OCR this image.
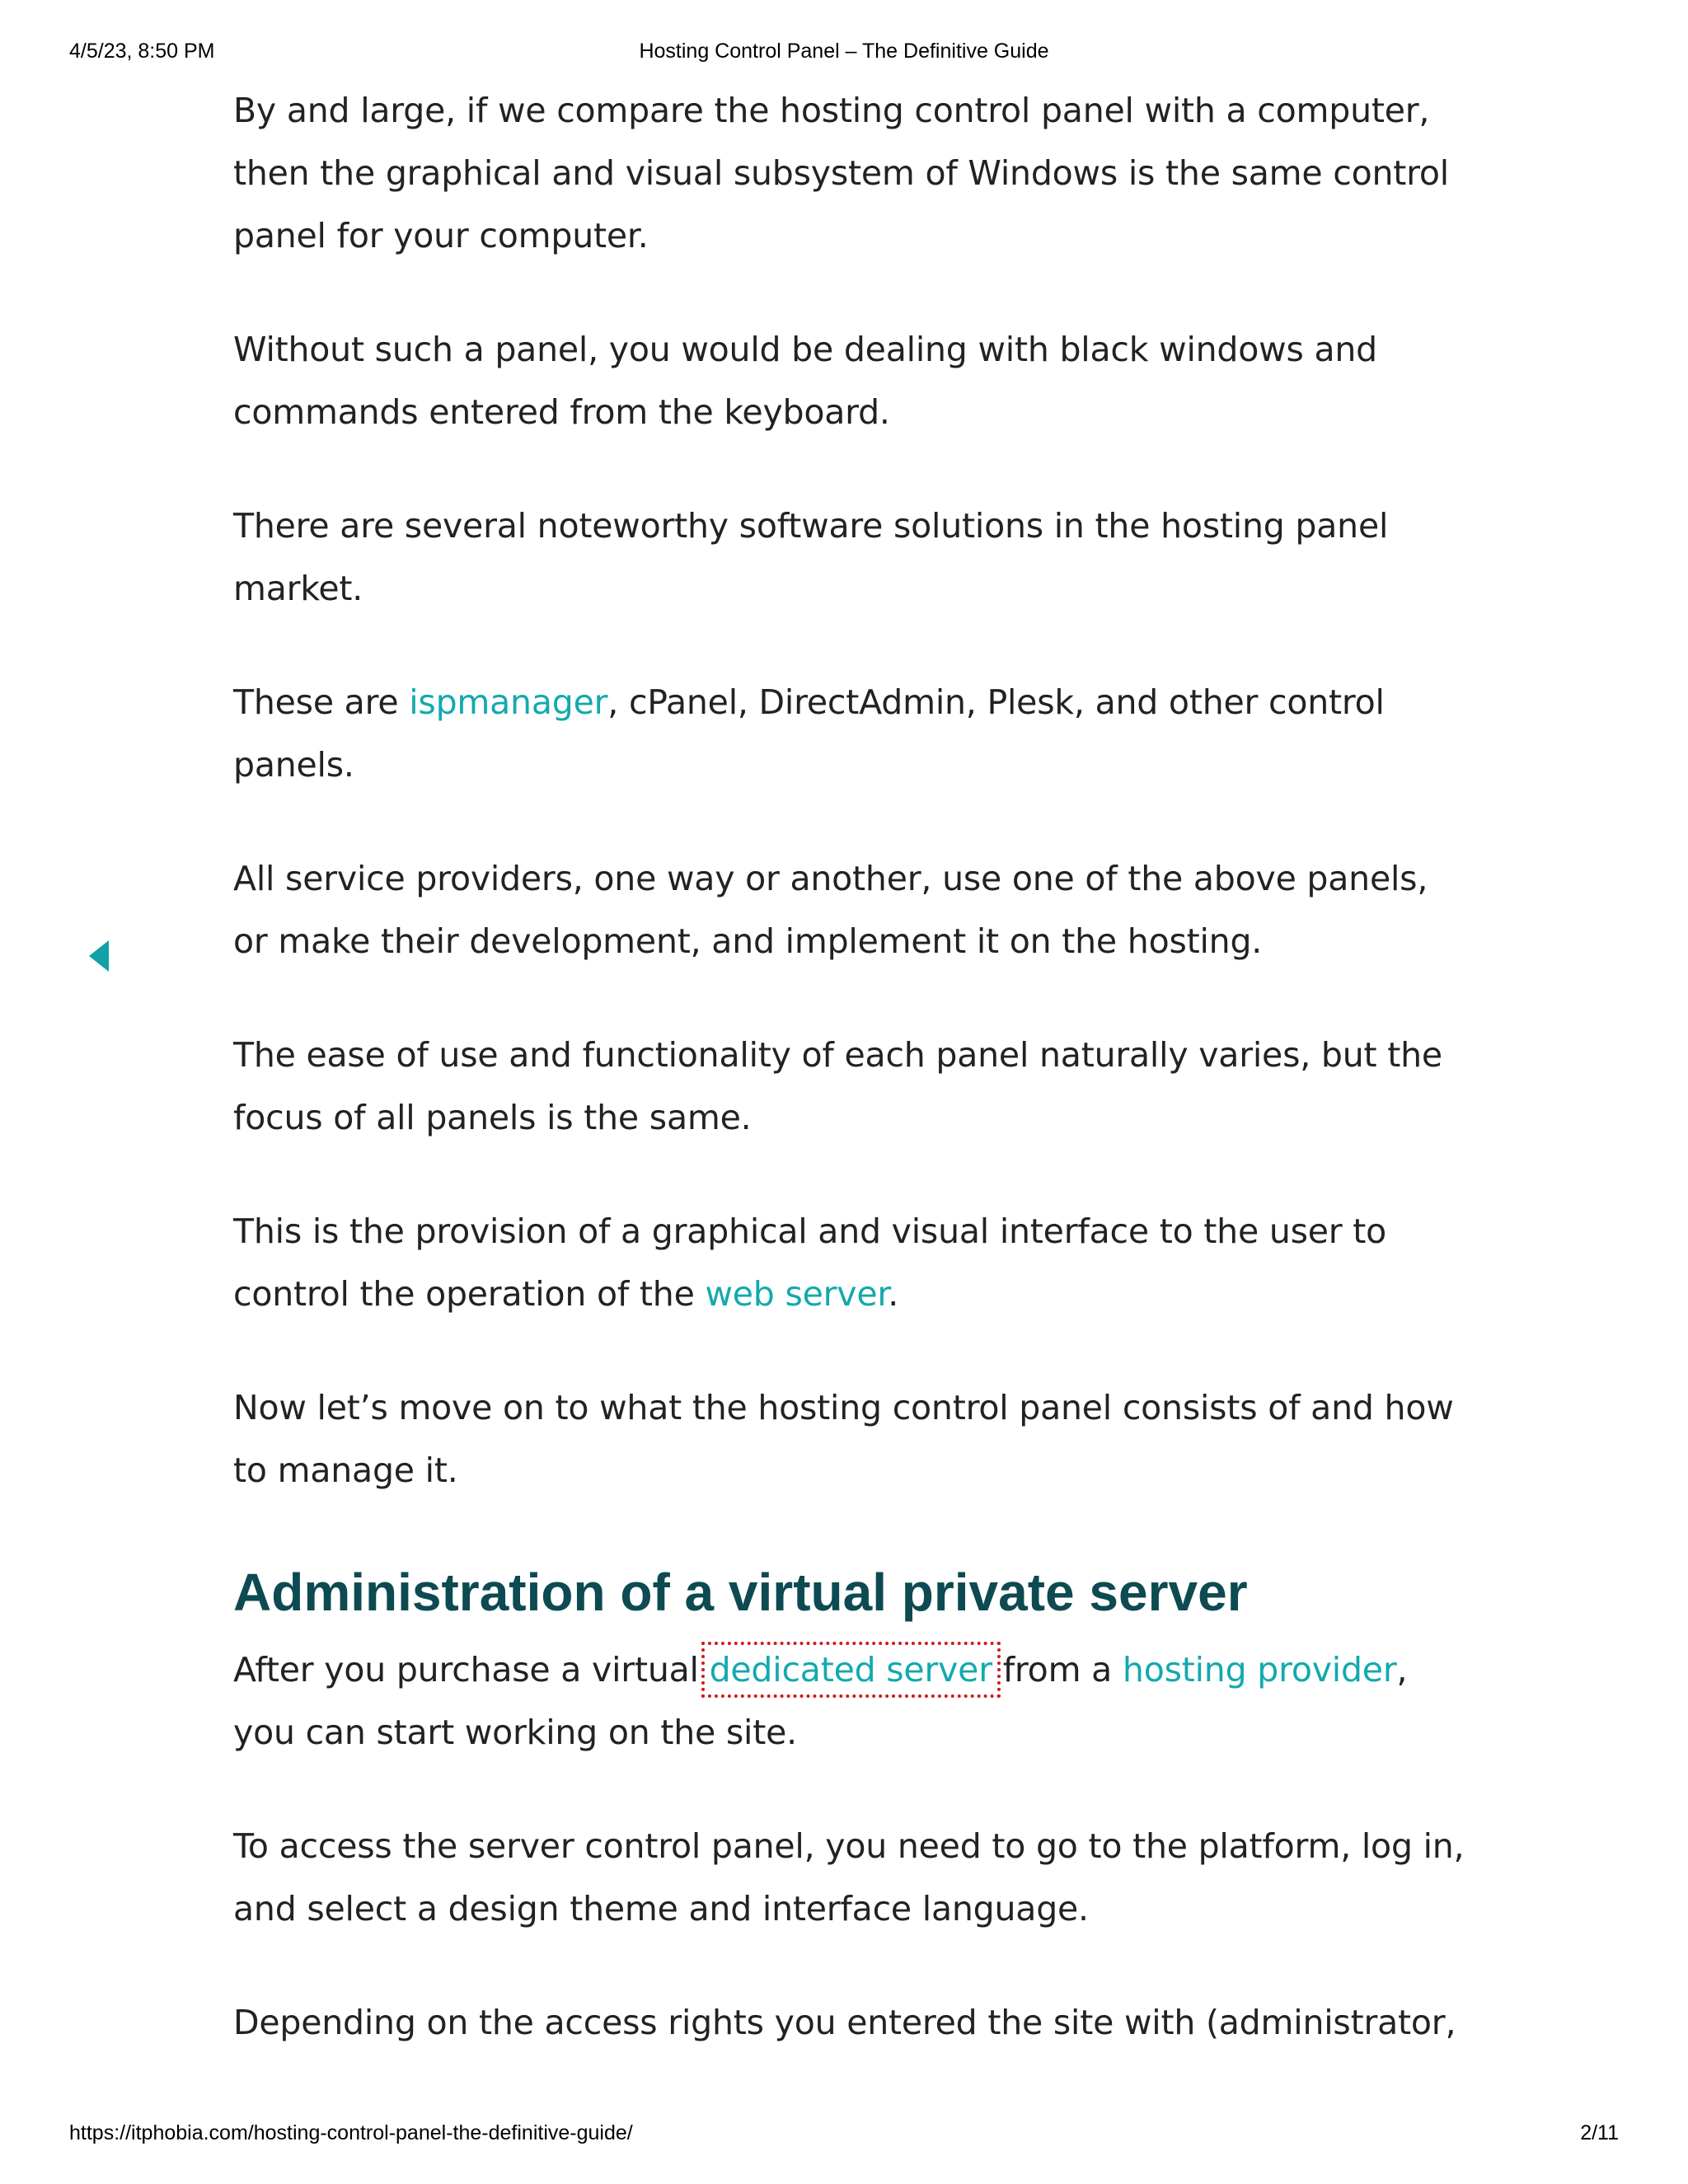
Hosting Control Panel – The Definitive Guide
4/5/23, 8:50 PM

By and large, if we compare the hosting control panel with a computer, then the graphical and visual subsystem of Windows is the same control panel for your computer.

Without such a panel, you would be dealing with black windows and commands entered from the keyboard.

There are several noteworthy software solutions in the hosting panel market.

These are ispmanager, cPanel, DirectAdmin, Plesk, and other control panels.

All service providers, one way or another, use one of the above panels, or make their development, and implement it on the hosting.

The ease of use and functionality of each panel naturally varies, but the focus of all panels is the same.

This is the provision of a graphical and visual interface to the user to control the operation of the web server.

Now let’s move on to what the hosting control panel consists of and how to manage it.

Administration of a virtual private server

After you purchase a virtual dedicated server from a hosting provider, you can start working on the site.

To access the server control panel, you need to go to the platform, log in, and select a design theme and interface language.

Depending on the access rights you entered the site with (administrator,

https://itphobia.com/hosting-control-panel-the-definitive-guide/	2/11
